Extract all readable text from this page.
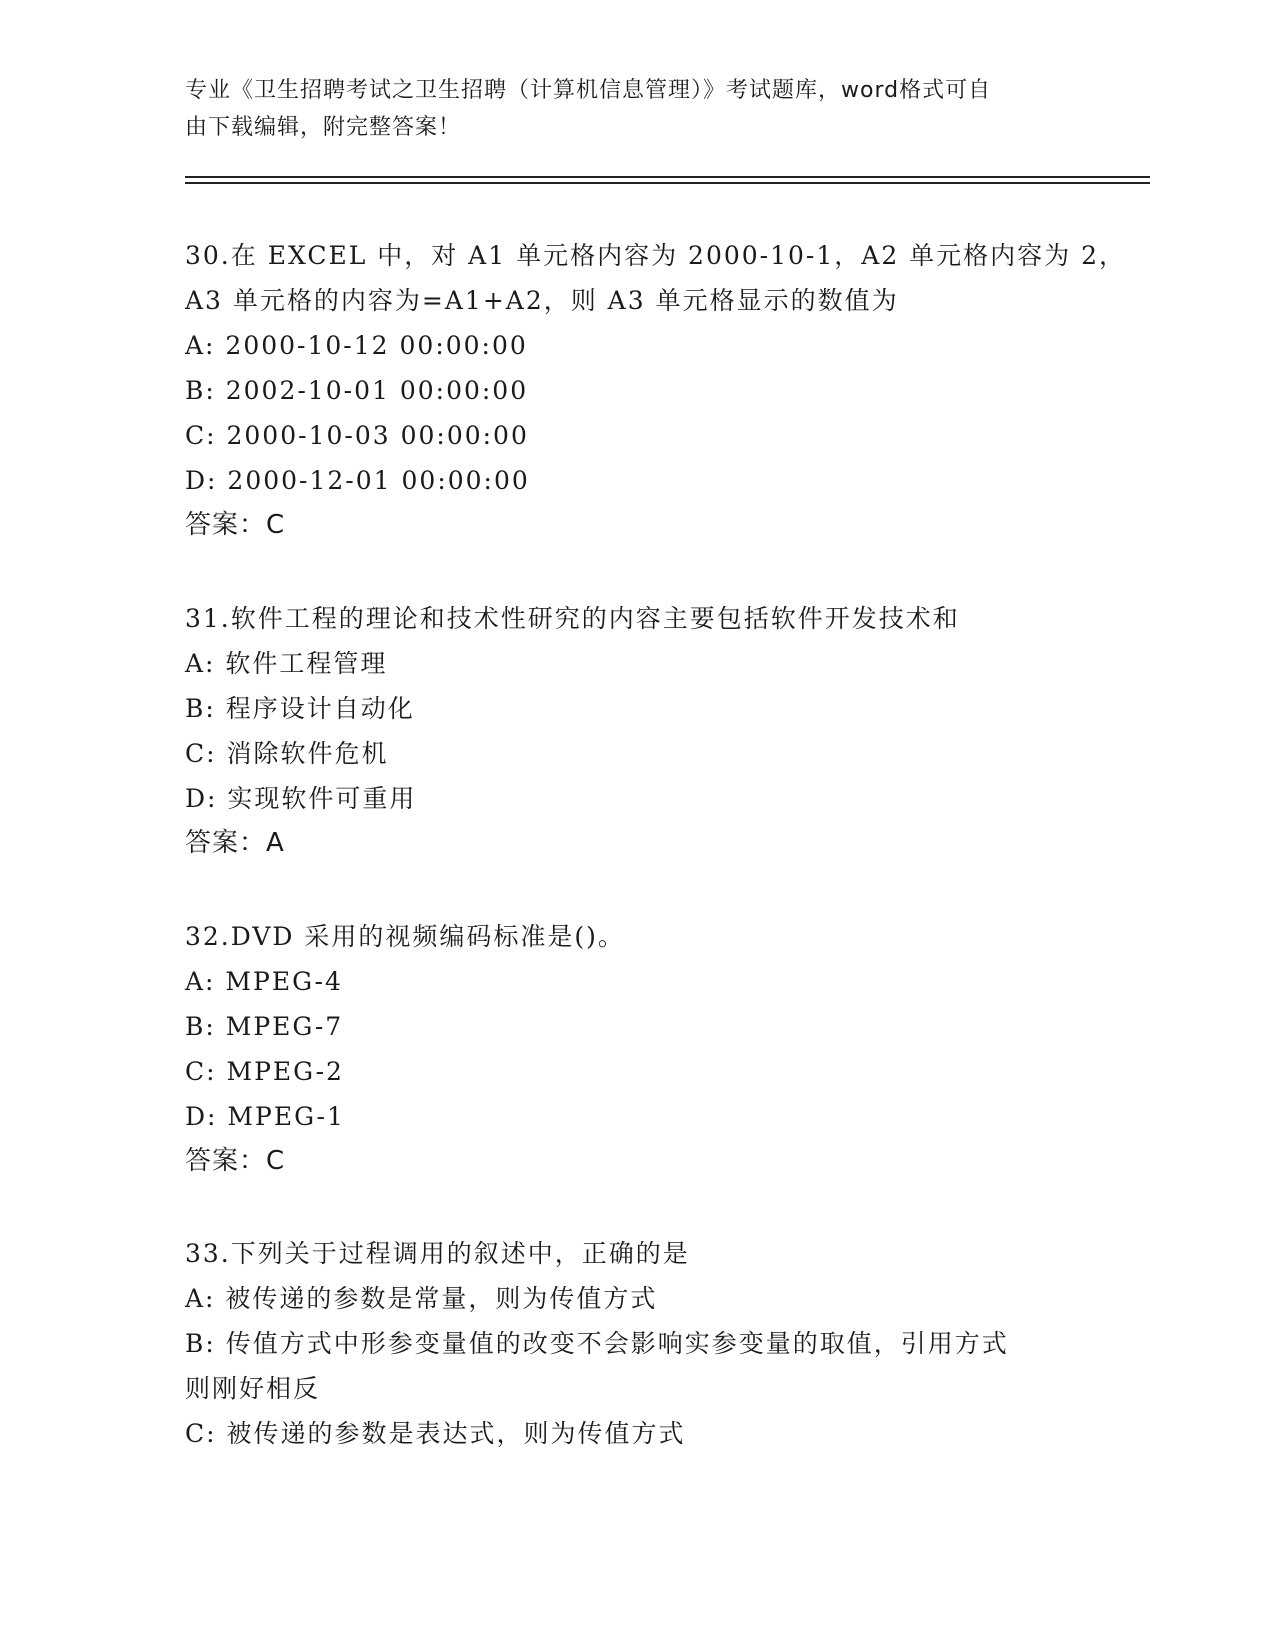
专业《卫生招聘考试之卫生招聘（计算机信息管理）》考试题库，word格式可自
由下载编辑，附完整答案！
30.在 EXCEL 中，对 A1 单元格内容为 2000-10-1，A2 单元格内容为 2，
A3 单元格的内容为=A1+A2，则 A3 单元格显示的数值为
A: 2000-10-12 00:00:00
B: 2002-10-01 00:00:00
C: 2000-10-03 00:00:00
D: 2000-12-01 00:00:00
答案：C
31.软件工程的理论和技术性研究的内容主要包括软件开发技术和
A: 软件工程管理
B: 程序设计自动化
C: 消除软件危机
D: 实现软件可重用
答案：A
32.DVD 采用的视频编码标准是()。
A: MPEG-4
B: MPEG-7
C: MPEG-2
D: MPEG-1
答案：C
33.下列关于过程调用的叙述中，正确的是
A: 被传递的参数是常量，则为传值方式
B: 传值方式中形参变量值的改变不会影响实参变量的取值，引用方式
则刚好相反
C: 被传递的参数是表达式，则为传值方式
